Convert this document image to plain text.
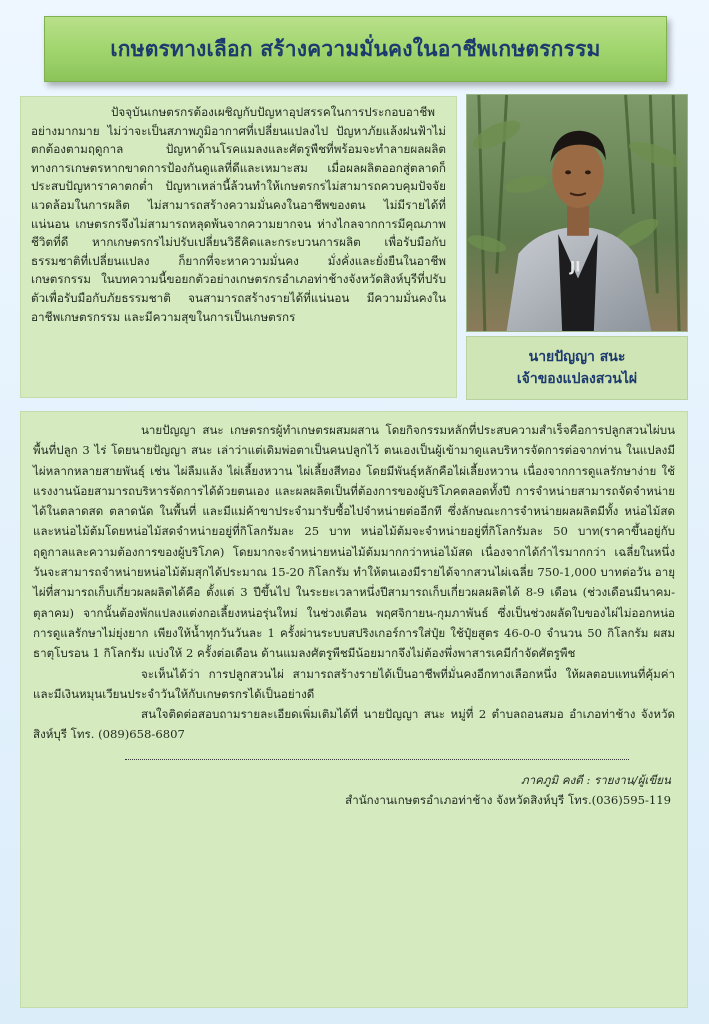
เกษตรทางเลือก สร้างความมั่นคงในอาชีพเกษตรกรรม

ปัจจุบันเกษตรกรต้องเผชิญกับปัญหาอุปสรรคในการประกอบอาชีพอย่างมากมาย ไม่ว่าจะเป็นสภาพภูมิอากาศที่เปลี่ยนแปลงไป ปัญหาภัยแล้งฝนฟ้าไม่ตกต้องตามฤดูกาล ปัญหาด้านโรคแมลงและศัตรูพืชที่พร้อมจะทำลายผลผลิตทางการเกษตรหากขาดการป้องกันดูแลที่ดีและเหมาะสม เมื่อผลผลิตออกสู่ตลาดก็ประสบปัญหาราคาตกต่ำ ปัญหาเหล่านี้ล้วนทำให้เกษตรกรไม่สามารถควบคุมปัจจัยแวดล้อมในการผลิต ไม่สามารถสร้างความมั่นคงในอาชีพของตน ไม่มีรายได้ที่แน่นอน เกษตรกรจึงไม่สามารถหลุดพ้นจากความยากจน ห่างไกลจากการมีคุณภาพชีวิตที่ดี หากเกษตรกรไม่ปรับเปลี่ยนวิธีคิดและกระบวนการผลิต เพื่อรับมือกับธรรมชาติที่เปลี่ยนแปลง ก็ยากที่จะหาความมั่นคง มั่งคั่งและยั่งยืนในอาชีพเกษตรกรรม ในบทความนี้ขอยกตัวอย่างเกษตรกรอำเภอท่าช้างจังหวัดสิงห์บุรีที่ปรับตัวเพื่อรับมือกับภัยธรรมชาติ จนสามารถสร้างรายได้ที่แน่นอน มีความมั่นคงในอาชีพเกษตรกรรม และมีความสุขในการเป็นเกษตรกร

JI
นายปัญญา สนะ
เจ้าของแปลงสวนไผ่

นายปัญญา สนะ เกษตรกรผู้ทำเกษตรผสมผสาน โดยกิจกรรมหลักที่ประสบความสำเร็จคือการปลูกสวนไผ่บนพื้นที่ปลูก 3 ไร่ โดยนายปัญญา สนะ เล่าว่าแต่เดิมพ่อตาเป็นคนปลูกไว้ ตนเองเป็นผู้เข้ามาดูแลบริหารจัดการต่อจากท่าน ในแปลงมีไผ่หลากหลายสายพันธุ์ เช่น ไผ่ลืมแล้ง ไผ่เลี้ยงหวาน ไผ่เลี้ยงสีทอง โดยมีพันธุ์หลักคือไผ่เลี้ยงหวาน เนื่องจากการดูแลรักษาง่าย ใช้แรงงานน้อยสามารถบริหารจัดการได้ด้วยตนเอง และผลผลิตเป็นที่ต้องการของผู้บริโภคตลอดทั้งปี การจำหน่ายสามารถจัดจำหน่ายได้ในตลาดสด ตลาดนัด ในพื้นที่ และมีแม่ค้าขาประจำมารับซื้อไปจำหน่ายต่ออีกที ซึ่งลักษณะการจำหน่ายผลผลิตมีทั้ง หน่อไม้สด และหน่อไม้ต้มโดยหน่อไม้สดจำหน่ายอยู่ที่กิโลกรัมละ 25 บาท หน่อไม้ต้มจะจำหน่ายอยู่ที่กิโลกรัมละ 50 บาท(ราคาขึ้นอยู่กับฤดูกาลและความต้องการของผู้บริโภค) โดยมากจะจำหน่ายหน่อไม้ต้มมากกว่าหน่อไม้สด เนื่องจากได้กำไรมากกว่า เฉลี่ยในหนึ่งวันจะสามารถจำหน่ายหน่อไม้ต้มสุกได้ประมาณ 15-20 กิโลกรัม ทำให้ตนเองมีรายได้จากสวนไผ่เฉลี่ย 750-1,000 บาทต่อวัน อายุไผ่ที่สามารถเก็บเกี่ยวผลผลิตได้คือ ตั้งแต่ 3 ปีขึ้นไป ในระยะเวลาหนึ่งปีสามารถเก็บเกี่ยวผลผลิตได้ 8-9 เดือน (ช่วงเดือนมีนาคม-ตุลาคม) จากนั้นต้องพักแปลงแต่งกอเลี้ยงหน่อรุ่นใหม่ ในช่วงเดือน พฤศจิกายน-กุมภาพันธ์ ซึ่งเป็นช่วงผลัดใบของไผ่ไม่ออกหน่อ การดูแลรักษาไม่ยุ่งยาก เพียงให้น้ำทุกวันวันละ 1 ครั้งผ่านระบบสปริงเกอร์การใส่ปุ๋ย ใช้ปุ๋ยสูตร 46-0-0 จำนวน 50 กิโลกรัม ผสมธาตุโบรอน 1 กิโลกรัม แบ่งให้ 2 ครั้งต่อเดือน ด้านแมลงศัตรูพืชมีน้อยมากจึงไม่ต้องพึ่งพาสารเคมีกำจัดศัตรูพืช

จะเห็นได้ว่า การปลูกสวนไผ่ สามารถสร้างรายได้เป็นอาชีพที่มั่นคงอีกทางเลือกหนึ่ง ให้ผลตอบแทนที่คุ้มค่า และมีเงินหมุนเวียนประจำวันให้กับเกษตรกรได้เป็นอย่างดี

สนใจติดต่อสอบถามรายละเอียดเพิ่มเติมได้ที่ นายปัญญา สนะ หมู่ที่ 2 ตำบลถอนสมอ อำเภอท่าช้าง จังหวัดสิงห์บุรี โทร. (089)658-6807

ภาคภูมิ คงดี : รายงาน/ผู้เขียน
สำนักงานเกษตรอำเภอท่าช้าง จังหวัดสิงห์บุรี โทร.(036)595-119
